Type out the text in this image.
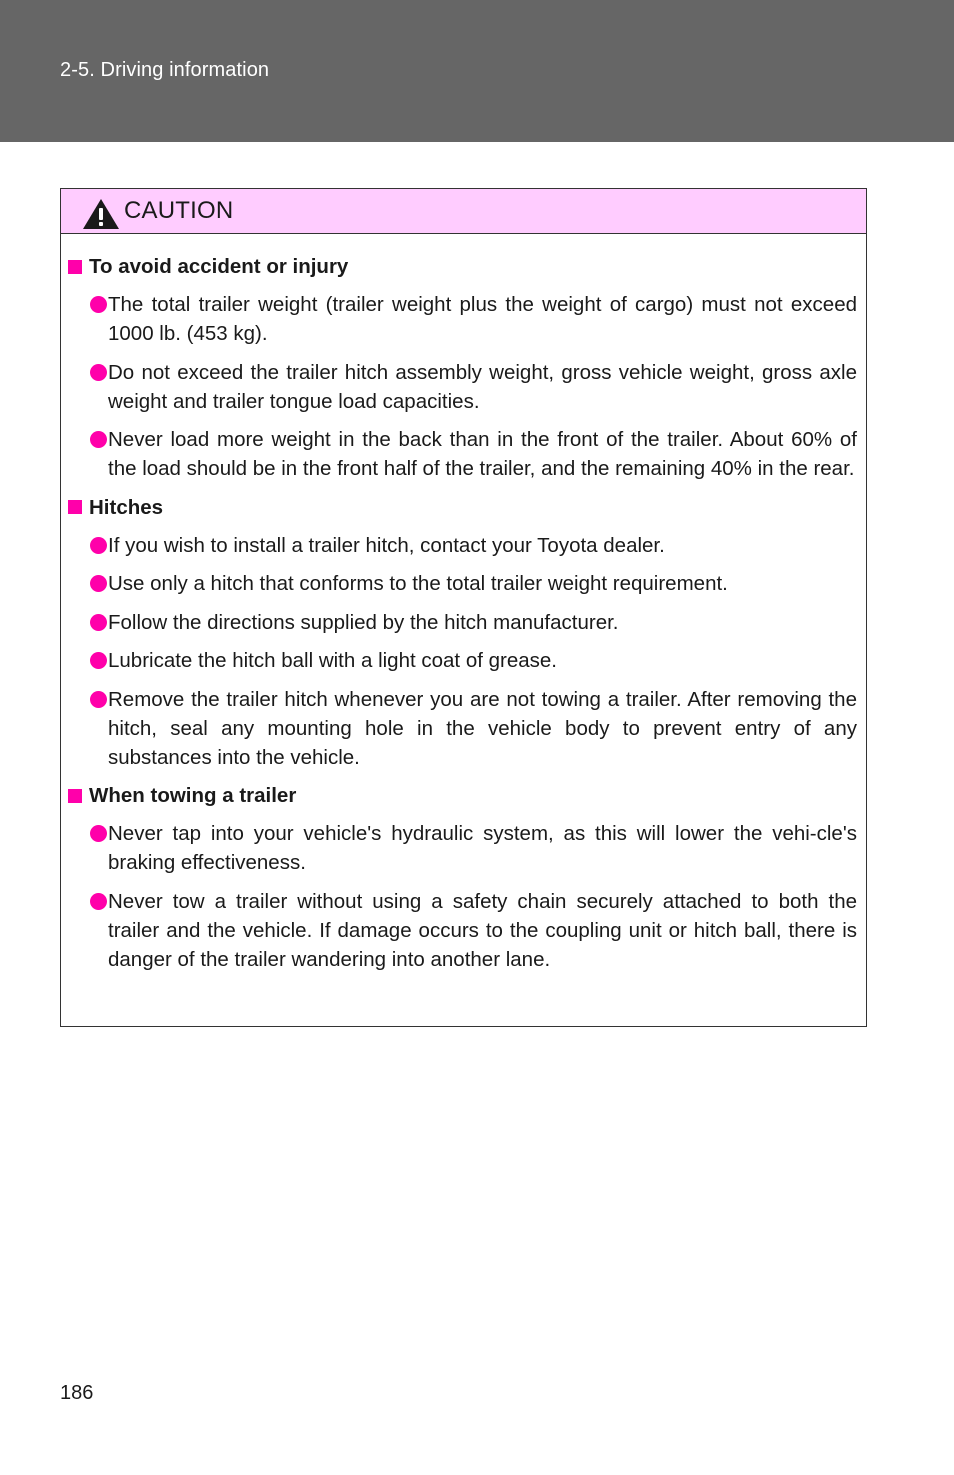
2-5. Driving information
CAUTION
To avoid accident or injury
The total trailer weight (trailer weight plus the weight of cargo) must not exceed 1000 lb. (453 kg).
Do not exceed the trailer hitch assembly weight, gross vehicle weight, gross axle weight and trailer tongue load capacities.
Never load more weight in the back than in the front of the trailer. About 60% of the load should be in the front half of the trailer, and the remaining 40% in the rear.
Hitches
If you wish to install a trailer hitch, contact your Toyota dealer.
Use only a hitch that conforms to the total trailer weight requirement.
Follow the directions supplied by the hitch manufacturer.
Lubricate the hitch ball with a light coat of grease.
Remove the trailer hitch whenever you are not towing a trailer. After removing the hitch, seal any mounting hole in the vehicle body to prevent entry of any substances into the vehicle.
When towing a trailer
Never tap into your vehicle's hydraulic system, as this will lower the vehi-cle's braking effectiveness.
Never tow a trailer without using a safety chain securely attached to both the trailer and the vehicle. If damage occurs to the coupling unit or hitch ball, there is danger of the trailer wandering into another lane.
186
